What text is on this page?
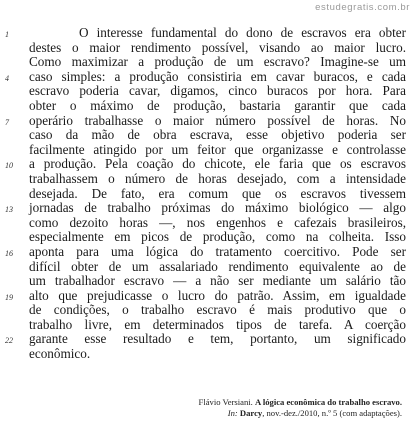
estudegratis.com.br
1	O interesse fundamental do dono de escravos era obter
destes o maior rendimento possível, visando ao maior lucro.
Como maximizar a produção de um escravo? Imagine-se um
4 caso simples: a produção consistiria em cavar buracos, e cada
escravo poderia cavar, digamos, cinco buracos por hora. Para
obter o máximo de produção, bastaria garantir que cada
7 operário trabalhasse o maior número possível de horas. No
caso da mão de obra escrava, esse objetivo poderia ser
facilmente atingido por um feitor que organizasse e controlasse
10 a produção. Pela coação do chicote, ele faria que os escravos
trabalhassem o número de horas desejado, com a intensidade
desejada. De fato, era comum que os escravos tivessem
13 jornadas de trabalho próximas do máximo biológico — algo
como dezoito horas —, nos engenhos e cafezais brasileiros,
especialmente em picos de produção, como na colheita. Isso
16 aponta para uma lógica do tratamento coercitivo. Pode ser
difícil obter de um assalariado rendimento equivalente ao de
um trabalhador escravo — a não ser mediante um salário tão
19 alto que prejudicasse o lucro do patrão. Assim, em igualdade
de condições, o trabalho escravo é mais produtivo que o
trabalho livre, em determinados tipos de tarefa. A coerção
22 garante esse resultado e tem, portanto, um significado
econômico.
Flávio Versiani. A lógica econômica do trabalho escravo.
In: Darcy, nov.-dez./2010, n.º 5 (com adaptações).
